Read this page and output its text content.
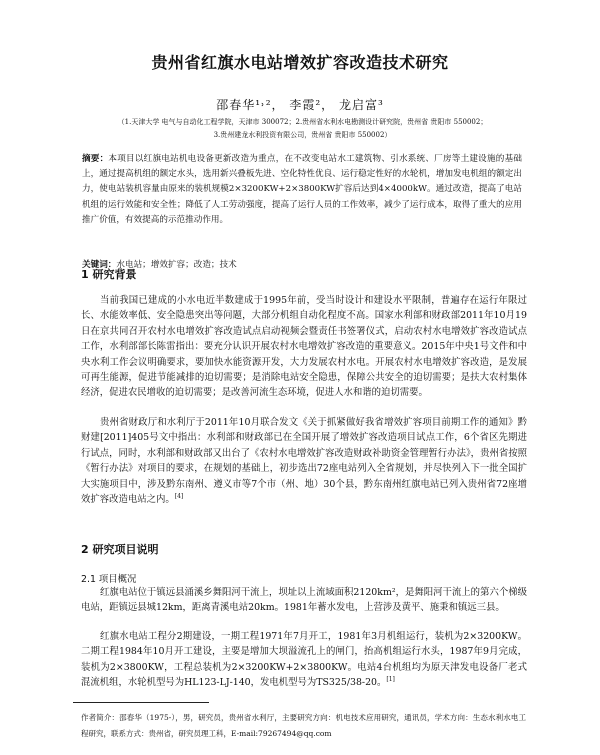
贵州省红旗水电站增效扩容改造技术研究
邵春华¹˒²， 李霞²， 龙启富³
（1.天津大学 电气与自动化工程学院，天津市 300072；2.贵州省水利水电勘测设计研究院，贵州省 贵阳市 550002；
3.贵州建龙水利投资有限公司，贵州省 贵阳市 550002）
摘要：本项目以红旗电站机电设备更新改造为重点，在不改变电站水工建筑物、引水系统、厂房等土建设施的基础上，通过提高机组的额定水头，选用新兴叠板先进、空化特性优良、运行稳定性好的水轮机，增加发电机组的额定出力，使电站装机容量由原来的装机规模2×3200KW+2×3800KW扩容后达到4×4000kW。通过改造，提高了电站机组的运行效能和安全性；降低了人工劳动强度，提高了运行人员的工作效率，减少了运行成本，取得了重大的应用推广价值，有效提高的示范推动作用。
关键词：水电站；增效扩容；改造；技术
1 研究背景
当前我国已建成的小水电近半数建成于1995年前，受当时设计和建设水平限制，普遍存在运行年限过长、水能效率低、安全隐患突出等问题，大部分机组自动化程度不高。国家水利部和财政部2011年10月19日在京共同召开农村水电增效扩容改造试点启动视频会暨责任书签署仪式，启动农村水电增效扩容改造试点工作，水利部部长陈雷指出：要充分认识开展农村水电增效扩容改造的重要意义。2015年中央1号文件和中央水利工作会议明确要求，要加快水能资源开发，大力发展农村水电。开展农村水电增效扩容改造，是发展可再生能源，促进节能减排的迫切需要；是消除电站安全隐患，保障公共安全的迫切需要；是扶大农村集体经济，促进农民增收的迫切需要；是改善河流生态环境，促进人水和谐的迫切需要。
贵州省财政厅和水利厅于2011年10月联合发文《关于抓紧做好我省增效扩容项目前期工作的通知》黔财建[2011]405号文中指出：水利部和财政部已在全国开展了增效扩容改造项目试点工作，6个省区先期进行试点，同时，水利部和财政部又出台了《农村水电增效扩容改造财政补助资金管理暂行办法》，贵州省按照《暂行办法》对项目的要求，在规划的基础上，初步选出72座电站列入全省规划，并尽快列入下一批全国扩大实施项目中，涉及黔东南州、遵义市等7个市（州、地）30个县，黔东南州红旗电站已列入贵州省72座增效扩容改造电站之内。[4]
2 研究项目说明
2.1 项目概况
红旗电站位于镇远县涌溪乡舞阳河干流上，坝址以上流域面积2120km²，是舞阳河干流上的第六个梯级电站，距镇远县城12km，距离青溪电站20km。1981年蓄水发电，上营涉及黄平、施秉和镇远三县。
红旗水电站工程分2期建设，一期工程1971年7月开工，1981年3月机组运行，装机为2×3200KW。二期工程1984年10月开工建设，主要是增加大坝溢流孔上的闸门，抬高机组运行水头，1987年9月完成，装机为2×3800KW，工程总装机为2×3200KW+2×3800KW。电站4台机组均为原天津发电设备厂老式混流机组，水轮机型号为HL123-LJ-140，发电机型号为TS325/38-20。[1]
作者简介：邵春华（1975-），男，研究员，贵州省水利厅，主要研究方向：机电技术应用研究，通讯员，学术方向：生态水利水电工程研究，联系方式：贵州省，研究员理工科，E-mail:79267494@qq.com
